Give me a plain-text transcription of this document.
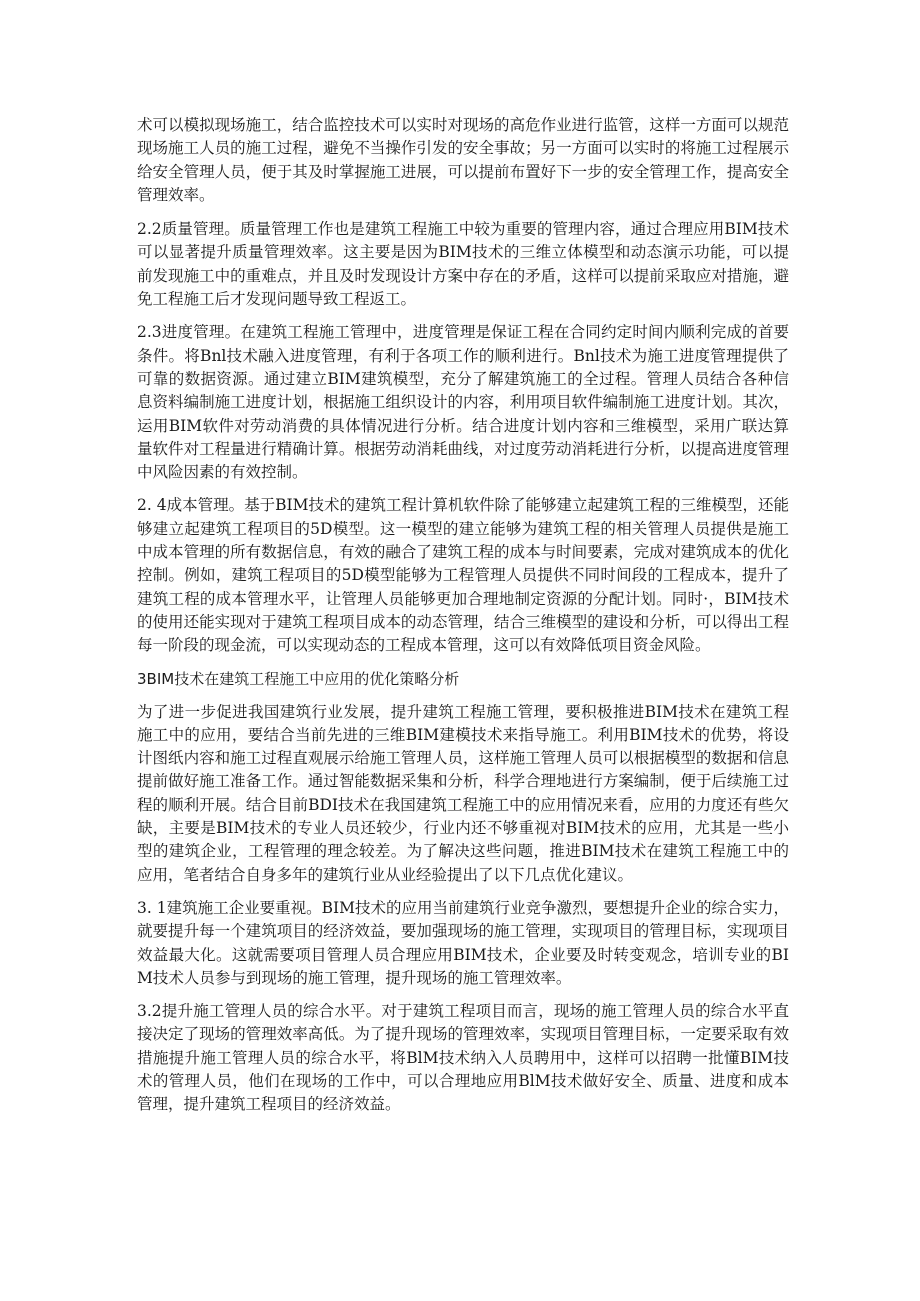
术可以模拟现场施工，结合监控技术可以实时对现场的高危作业进行监管，这样一方面可以规范现场施工人员的施工过程，避免不当操作引发的安全事故；另一方面可以实时的将施工过程展示给安全管理人员，便于其及时掌握施工进展，可以提前布置好下一步的安全管理工作，提高安全管理效率。

2.2质量管理。质量管理工作也是建筑工程施工中较为重要的管理内容，通过合理应用BIM技术可以显著提升质量管理效率。这主要是因为BIM技术的三维立体模型和动态演示功能，可以提前发现施工中的重难点，并且及时发现设计方案中存在的矛盾，这样可以提前采取应对措施，避免工程施工后才发现问题导致工程返工。

2.3进度管理。在建筑工程施工管理中，进度管理是保证工程在合同约定时间内顺利完成的首要条件。将Bnl技术融入进度管理，有利于各项工作的顺利进行。Bnl技术为施工进度管理提供了可靠的数据资源。通过建立BIM建筑模型，充分了解建筑施工的全过程。管理人员结合各种信息资料编制施工进度计划，根据施工组织设计的内容，利用项目软件编制施工进度计划。其次，运用BIM软件对劳动消费的具体情况进行分析。结合进度计划内容和三维模型，采用广联达算量软件对工程量进行精确计算。根据劳动消耗曲线，对过度劳动消耗进行分析，以提高进度管理中风险因素的有效控制。

2. 4成本管理。基于BIM技术的建筑工程计算机软件除了能够建立起建筑工程的三维模型，还能够建立起建筑工程项目的5D模型。这一模型的建立能够为建筑工程的相关管理人员提供是施工中成本管理的所有数据信息，有效的融合了建筑工程的成本与时间要素，完成对建筑成本的优化控制。例如，建筑工程项目的5D模型能够为工程管理人员提供不同时间段的工程成本，提升了建筑工程的成本管理水平，让管理人员能够更加合理地制定资源的分配计划。同时·，BIM技术的使用还能实现对于建筑工程项目成本的动态管理，结合三维模型的建设和分析，可以得出工程每一阶段的现金流，可以实现动态的工程成本管理，这可以有效降低项目资金风险。

3BIM技术在建筑工程施工中应用的优化策略分析

为了进一步促进我国建筑行业发展，提升建筑工程施工管理，要积极推进BIM技术在建筑工程施工中的应用，要结合当前先进的三维BIM建模技术来指导施工。利用BIM技术的优势，将设计图纸内容和施工过程直观展示给施工管理人员，这样施工管理人员可以根据模型的数据和信息提前做好施工准备工作。通过智能数据采集和分析，科学合理地进行方案编制，便于后续施工过程的顺利开展。结合目前BDI技术在我国建筑工程施工中的应用情况来看，应用的力度还有些欠缺，主要是BIM技术的专业人员还较少，行业内还不够重视对BIM技术的应用，尤其是一些小型的建筑企业，工程管理的理念较差。为了解决这些问题，推进BIM技术在建筑工程施工中的应用，笔者结合自身多年的建筑行业从业经验提出了以下几点优化建议。

3. 1建筑施工企业要重视。BIM技术的应用当前建筑行业竞争激烈，要想提升企业的综合实力，就要提升每一个建筑项目的经济效益，要加强现场的施工管理，实现项目的管理目标，实现项目效益最大化。这就需要项目管理人员合理应用BIM技术，企业要及时转变观念，培训专业的BIM技术人员参与到现场的施工管理，提升现场的施工管理效率。

3.2提升施工管理人员的综合水平。对于建筑工程项目而言，现场的施工管理人员的综合水平直接决定了现场的管理效率高低。为了提升现场的管理效率，实现项目管理目标，一定要采取有效措施提升施工管理人员的综合水平，将BlM技术纳入人员聘用中，这样可以招聘一批懂BIM技术的管理人员，他们在现场的工作中，可以合理地应用BlM技术做好安全、质量、进度和成本管理，提升建筑工程项目的经济效益。
